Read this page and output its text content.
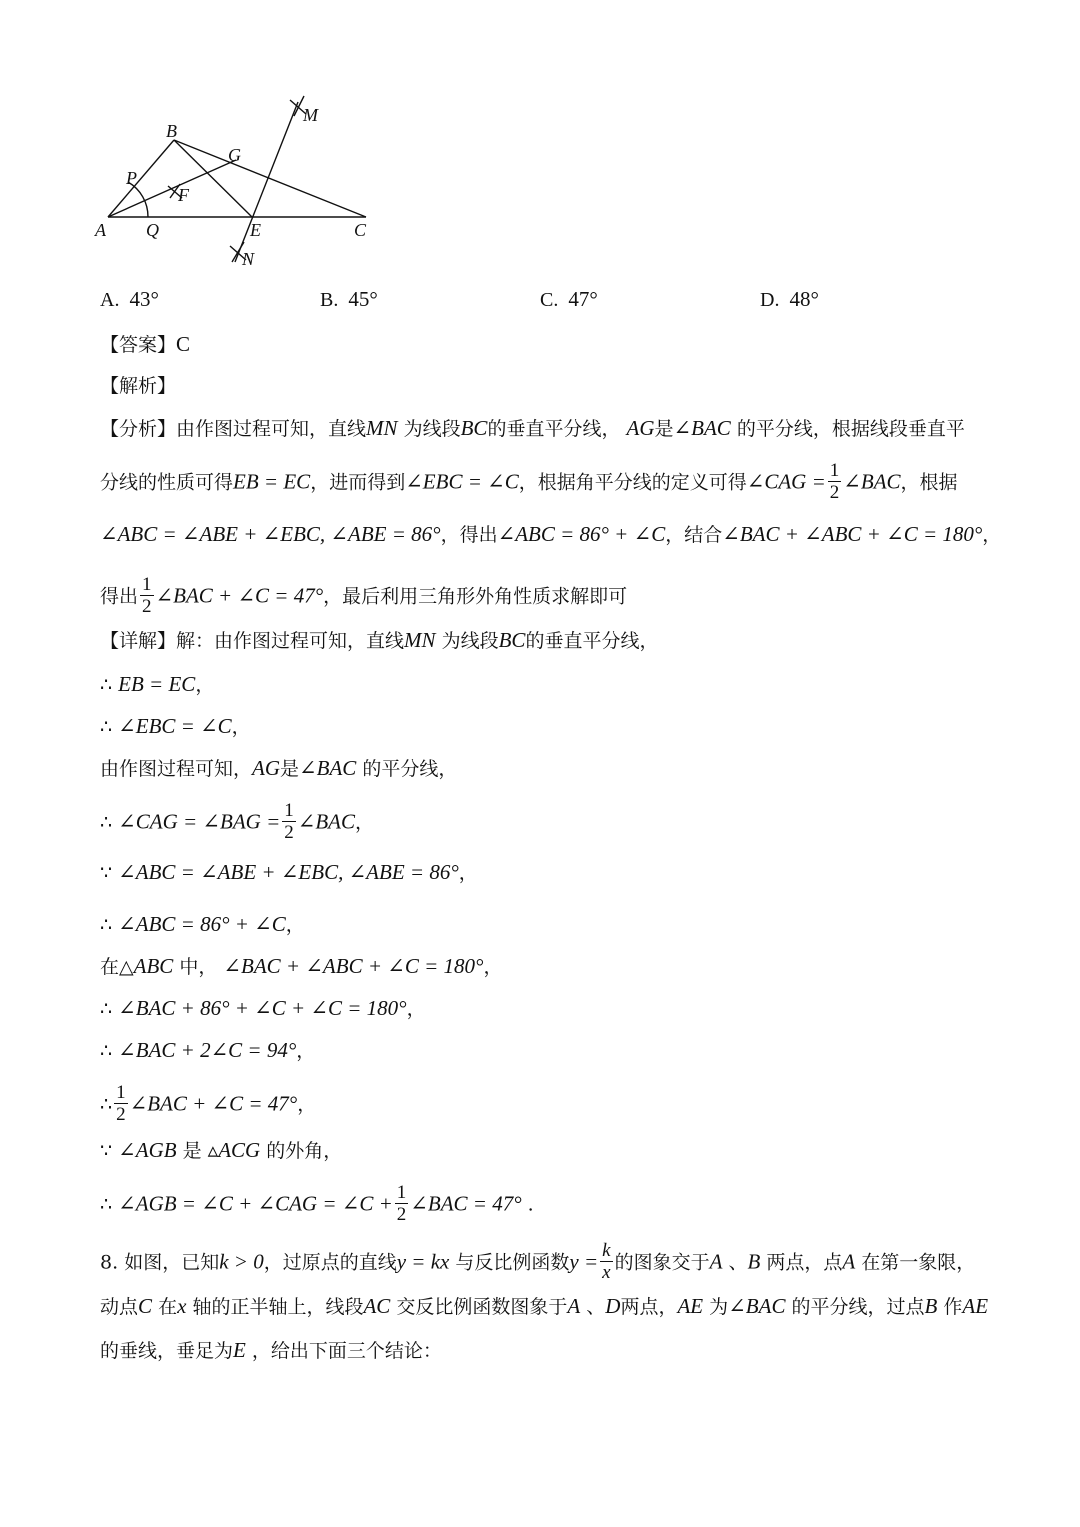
B
G
M
P
F
A Q	E	C
N
A. 43°	B. 45°	C. 47°	D. 48°
【答案】C
【解析】
【分析】由作图过程可知，直线MN 为线段BC的垂直平分线， AG是∠BAC 的平分线，根据线段垂直平
分线的性质可得EB = EC，进而得到∠EBC = ∠C，根据角平分线的定义可得∠CAG = $\frac{1}{2}$ ∠BAC，根据
∠ABC = ∠ABE + ∠EBC, ∠ABE = 86°，得出∠ABC = 86° + ∠C，结合∠BAC + ∠ABC + ∠C = 180°，
得出 $\frac{1}{2}$ ∠BAC + ∠C = 47°，最后利用三角形外角性质求解即可
【详解】解：由作图过程可知，直线MN 为线段BC的垂直平分线，
∴ EB = EC，
∴ ∠EBC = ∠C，
由作图过程可知，AG是∠BAC 的平分线，
∴ ∠CAG = ∠BAG = $\frac{1}{2}$ ∠BAC，
∵ ∠ABC = ∠ABE + ∠EBC, ∠ABE = 86°，
∴ ∠ABC = 86° + ∠C，
在△ABC 中， ∠BAC + ∠ABC + ∠C = 180°，
∴ ∠BAC + 86° + ∠C + ∠C = 180°，
∴ ∠BAC + 2∠C = 94°，
∴ $\frac{1}{2}$ ∠BAC + ∠C = 47°，
∵ ∠AGB 是 ▵ACG 的外角，
∴ ∠AGB = ∠C + ∠CAG = ∠C + $\frac{1}{2}$ ∠BAC = 47° .
8. 如图，已知k > 0，过原点的直线y = kx 与反比例函数$y = \frac{k}{x}$ 的图象交于A 、B 两点，点A 在第一象限，
动点C 在x 轴的正半轴上，线段AC 交反比例函数图象于A 、D两点，AE 为∠BAC 的平分线，过点B 作AE
的垂线，垂足为E ，给出下面三个结论：
